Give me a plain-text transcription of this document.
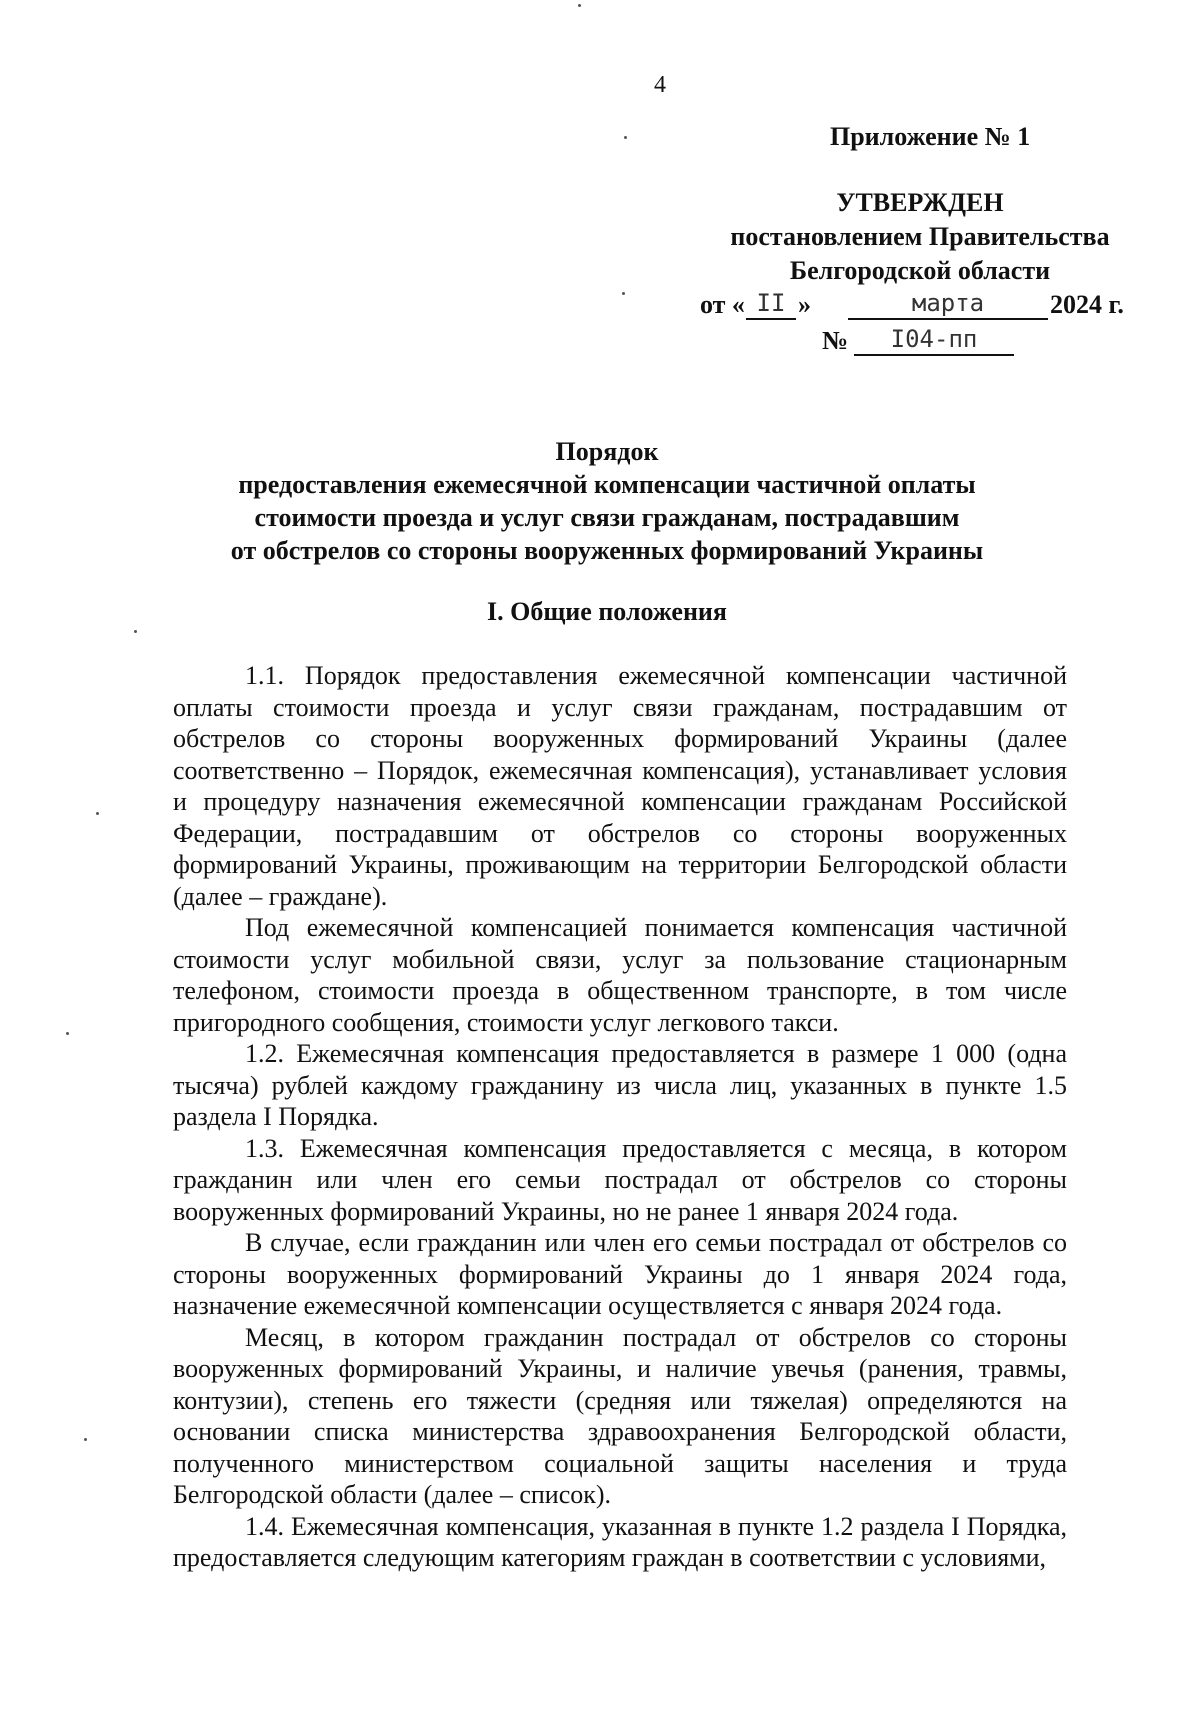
4
Приложение № 1
УТВЕРЖДЕН
постановлением Правительства
Белгородской области
от « II »	марта	2024 г.
№	I04-пп
Порядок
предоставления ежемесячной компенсации частичной оплаты
стоимости проезда и услуг связи гражданам, пострадавшим
от обстрелов со стороны вооруженных формирований Украины
I. Общие положения

1.1. Порядок предоставления ежемесячной компенсации частичной оплаты стоимости проезда и услуг связи гражданам, пострадавшим от обстрелов со стороны вооруженных формирований Украины (далее соответственно – Порядок, ежемесячная компенсация), устанавливает условия и процедуру назначения ежемесячной компенсации гражданам Российской Федерации, пострадавшим от обстрелов со стороны вооруженных формирований Украины, проживающим на территории Белгородской области (далее – граждане).

Под ежемесячной компенсацией понимается компенсация частичной стоимости услуг мобильной связи, услуг за пользование стационарным телефоном, стоимости проезда в общественном транспорте, в том числе пригородного сообщения, стоимости услуг легкового такси.

1.2. Ежемесячная компенсация предоставляется в размере 1 000 (одна тысяча) рублей каждому гражданину из числа лиц, указанных в пункте 1.5 раздела I Порядка.

1.3. Ежемесячная компенсация предоставляется с месяца, в котором гражданин или член его семьи пострадал от обстрелов со стороны вооруженных формирований Украины, но не ранее 1 января 2024 года.

В случае, если гражданин или член его семьи пострадал от обстрелов со стороны вооруженных формирований Украины до 1 января 2024 года, назначение ежемесячной компенсации осуществляется с января 2024 года.

Месяц, в котором гражданин пострадал от обстрелов со стороны вооруженных формирований Украины, и наличие увечья (ранения, травмы, контузии), степень его тяжести (средняя или тяжелая) определяются на основании списка министерства здравоохранения Белгородской области, полученного министерством социальной защиты населения и труда Белгородской области (далее – список).

1.4. Ежемесячная компенсация, указанная в пункте 1.2 раздела I Порядка, предоставляется следующим категориям граждан в соответствии с условиями,
